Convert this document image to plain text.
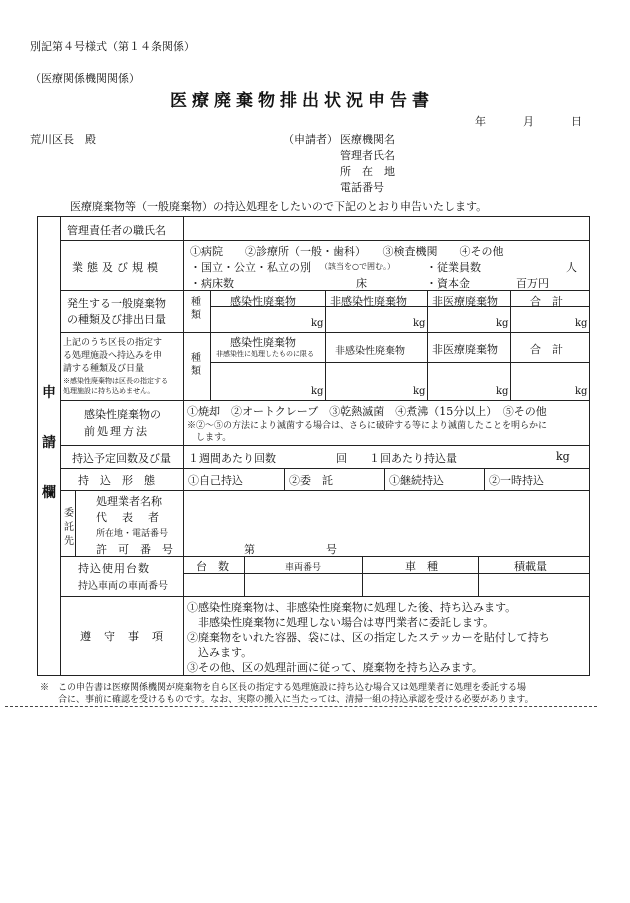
別記第４号様式（第１４条関係）
（医療関係機関関係）
医療廃棄物排出状況申告書
年	月	日
荒川区長　殿	（申請者） 医療機関名
管理者氏名
所　在　地
電話番号
医療廃棄物等（一般廃棄物）の持込処理をしたいので下記のとおり申告いたします。
申
請
欄
管理責任者の職氏名
業態及び規模
①病院　　②診療所（一般・歯科）　　③検査機関　　④その他
・国立・公立・私立の別 （該当を○で囲む。）	・従業員数	人
・病床数	床	・資本金	百万円
発生する一般廃棄物
の種類及び排出日量
種類
感染性廃棄物	非感染性廃棄物 非医療廃棄物	合　計
kg	kg	kg	kg
上記のうち区長の指定す
る処理施設へ持込みを申
請する種類及び日量
※感染性廃棄物は区長の指定する
処理施設に持ち込めません。
種類
感染性廃棄物
非感染性に処理したものに限る 非感染性廃棄物 非医療廃棄物	合　計
kg	kg	kg	kg
感染性廃棄物の
前処理方法
①焼却　②オートクレーブ　③乾熱滅菌　④煮沸（15分以上）　⑤その他
※②〜⑤の方法により滅菌する場合は、さらに破砕する等により滅菌したことを明らかに
します。
持込予定回数及び量 １週間あたり回数	回 １回あたり持込量	kg
持　込　形　態	①自己持込	②委　託	①継続持込	②一時持込
委
託
先
処理業者名称
代　表　者
所在地・電話番号
許　可　番　号	第	号
持込使用台数
持込車両の車両番号
台　数	車両番号	車　種	積載量
遵　守　事　項
①感染性廃棄物は、非感染性廃棄物に処理した後、持ち込みます。
　非感染性廃棄物に処理しない場合は専門業者に委託します。
②廃棄物をいれた容器、袋には、区の指定したステッカーを貼付して持ち
　込みます。
③その他、区の処理計画に従って、廃棄物を持ち込みます。
※　この申告書は医療関係機関が廃棄物を自ら区長の指定する処理施設に持ち込む場合又は処理業者に処理を委託する場
　　合に、事前に確認を受けるものです。なお、実際の搬入に当たっては、清掃一組の持込承認を受ける必要があります。
